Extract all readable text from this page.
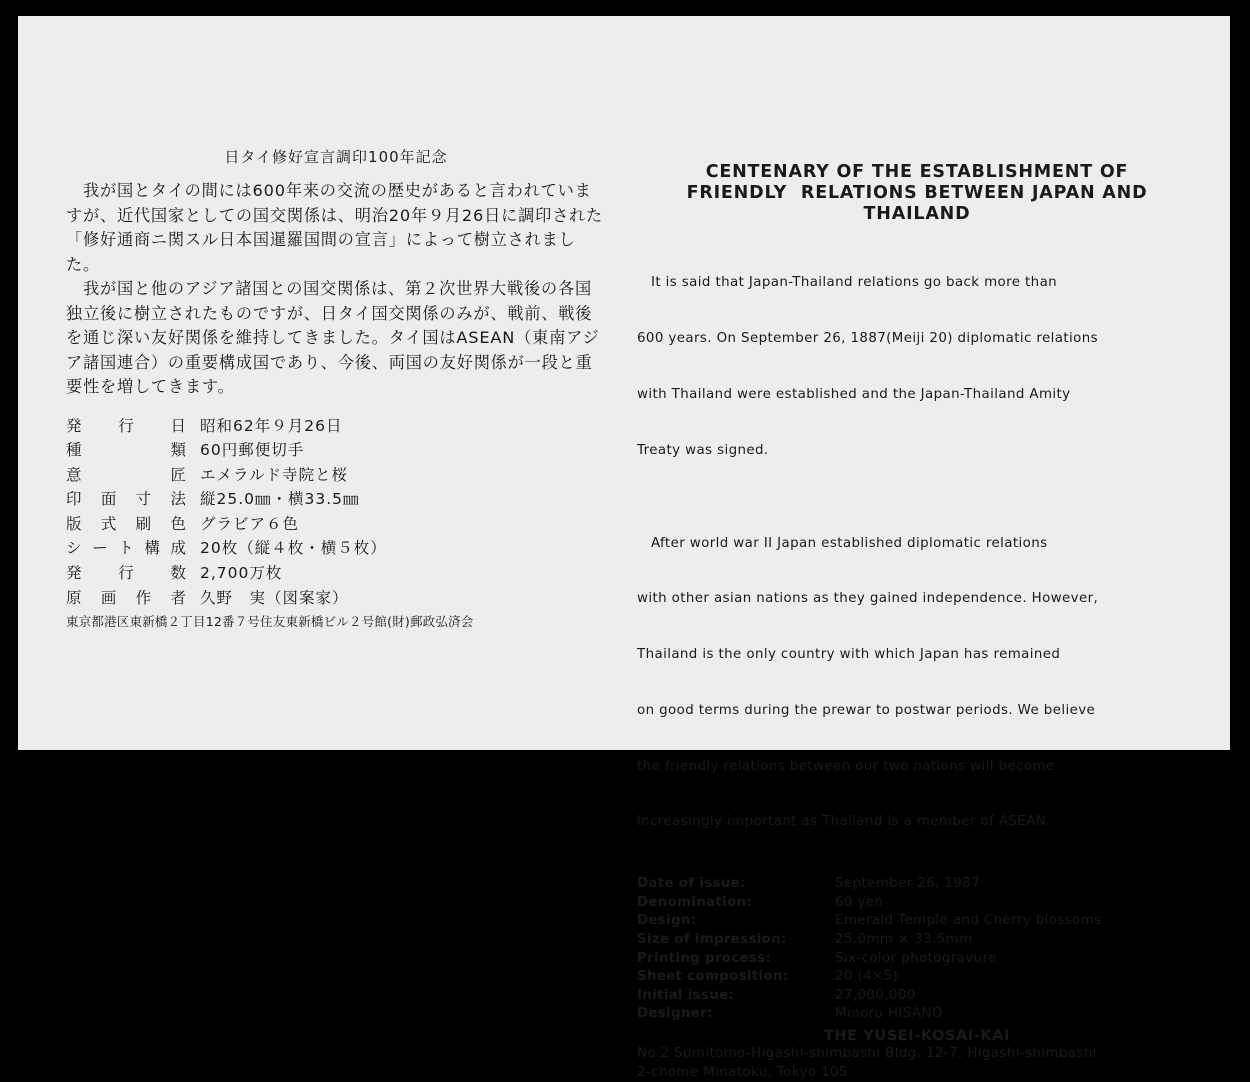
日タイ修好宣言調印100年記念

　我が国とタイの間には600年来の交流の歴史があると言われていますが、近代国家としての国交関係は、明治20年９月26日に調印された「修好通商ニ関スル日本国暹羅国間の宣言」によって樹立されました。

　我が国と他のアジア諸国との国交関係は、第２次世界大戦後の各国独立後に樹立されたものですが、日タイ国交関係のみが、戦前、戦後を通じ深い友好関係を維持してきました。タイ国はASEAN（東南アジア諸国連合）の重要構成国であり、今後、両国の友好関係が一段と重要性を増してきます。

発行日 昭和62年９月26日
種類 60円郵便切手
意匠 エメラルド寺院と桜
印面寸法 縦25.0㎜・横33.5㎜
版式刷色 グラビア６色
シート構成 20枚（縦４枚・横５枚）
発行数 2,700万枚
原画作者 久野　実（図案家）
東京都港区東新橋２丁目12番７号住友東新橋ビル２号館(財)郵政弘済会
CENTENARY OF THE ESTABLISHMENT OF
FRIENDLY  RELATIONS BETWEEN JAPAN AND
THAILAND

It is said that Japan-Thailand relations go back more than

600 years. On September 26, 1887(Meiji 20) diplomatic relations

with Thailand were established and the Japan-Thailand Amity

Treaty was signed.

After world war II Japan established diplomatic relations

with other asian nations as they gained independence. However,

Thailand is the only country with which Japan has remained

on good terms during the prewar to postwar periods. We believe

the friendly relations between our two nations will become

increasingly important as Thailand is a member of ASEAN.

Date of issue:	September 26, 1987
Denomination:	60 yen
Design:	Emerald Temple and Cherry blossoms
Size of impression:	25.0mm × 33.5mm
Printing process:	Six-color photogravure
Sheet composition:	20 (4×5)
Initial issue:	27,000,000
Designer:	Minoru HISANO
THE YUSEI-KOSAI-KAI
No.2 Sumitomo-Higashi-shimbashi Bldg. 12-7, Higashi-shimbashi
2-chome Minatoku, Tokyo 105
